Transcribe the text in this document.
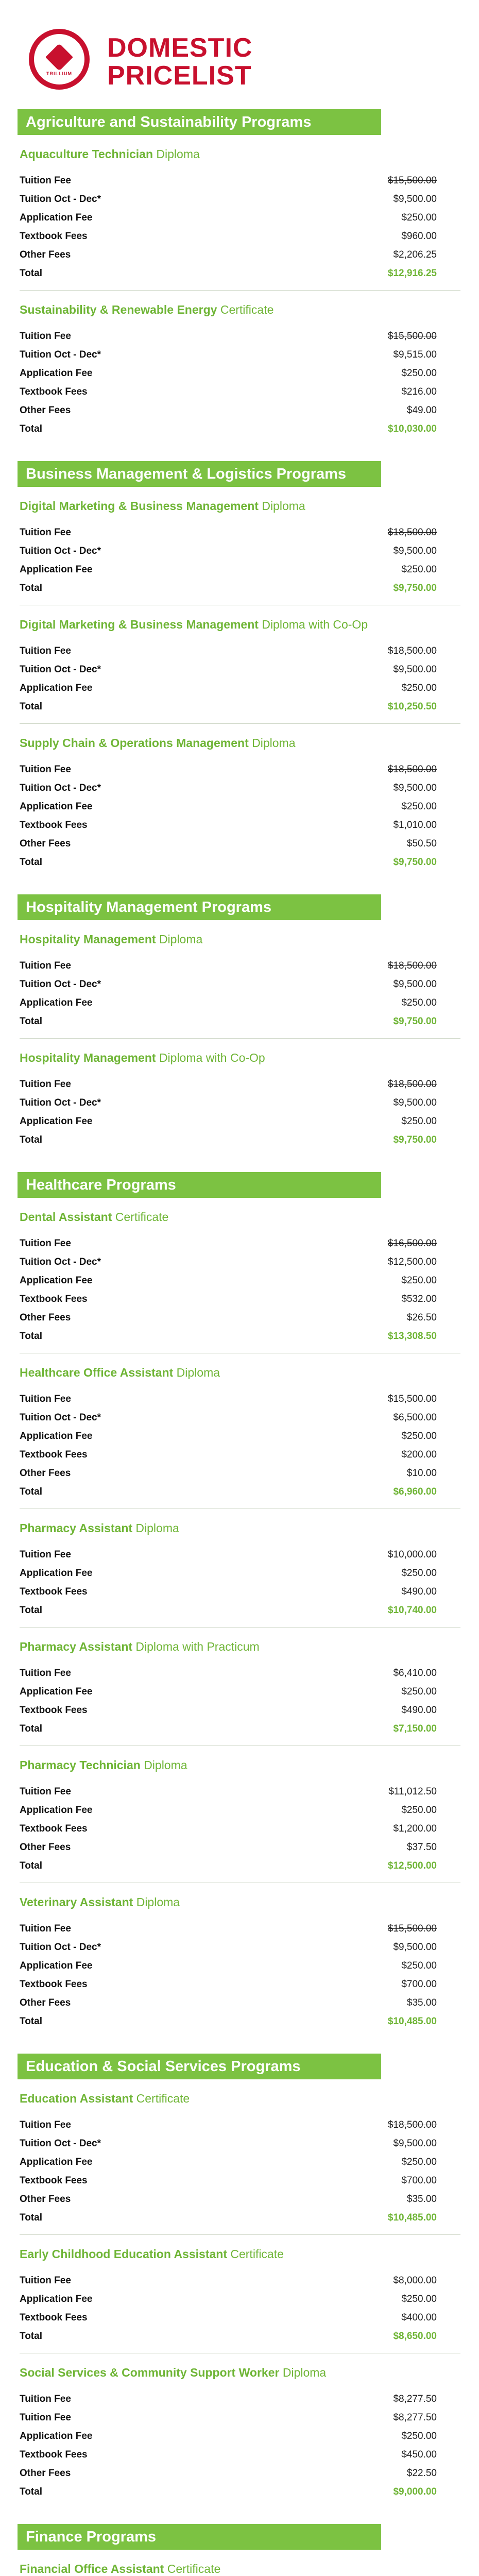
TRILLIUM
DOMESTIC
PRICELIST
Agriculture and Sustainability Programs
Aquaculture Technician Diploma
Tuition Fee	$15,500.00
Tuition Oct - Dec*	$9,500.00
Application Fee	$250.00
Textbook Fees	$960.00
Other Fees	$2,206.25
Total	$12,916.25
Sustainability & Renewable Energy Certificate
Tuition Fee	$15,500.00
Tuition Oct - Dec*	$9,515.00
Application Fee	$250.00
Textbook Fees	$216.00
Other Fees	$49.00
Total	$10,030.00
Business Management & Logistics Programs
Digital Marketing & Business Management Diploma
Tuition Fee	$18,500.00
Tuition Oct - Dec*	$9,500.00
Application Fee	$250.00
Total	$9,750.00
Digital Marketing & Business Management Diploma with Co-Op
Tuition Fee	$18,500.00
Tuition Oct - Dec*	$9,500.00
Application Fee	$250.00
Total	$10,250.50
Supply Chain & Operations Management Diploma
Tuition Fee	$18,500.00
Tuition Oct - Dec*	$9,500.00
Application Fee	$250.00
Textbook Fees	$1,010.00
Other Fees	$50.50
Total	$9,750.00
Hospitality Management Programs
Hospitality Management Diploma
Tuition Fee	$18,500.00
Tuition Oct - Dec*	$9,500.00
Application Fee	$250.00
Total	$9,750.00
Hospitality Management Diploma with Co-Op
Tuition Fee	$18,500.00
Tuition Oct - Dec*	$9,500.00
Application Fee	$250.00
Total	$9,750.00
Healthcare Programs
Dental Assistant Certificate
Tuition Fee	$16,500.00
Tuition Oct - Dec*	$12,500.00
Application Fee	$250.00
Textbook Fees	$532.00
Other Fees	$26.50
Total	$13,308.50
Healthcare Office Assistant Diploma
Tuition Fee	$15,500.00
Tuition Oct - Dec*	$6,500.00
Application Fee	$250.00
Textbook Fees	$200.00
Other Fees	$10.00
Total	$6,960.00
Pharmacy Assistant Diploma
Tuition Fee	$10,000.00
Application Fee	$250.00
Textbook Fees	$490.00
Total	$10,740.00
Pharmacy Assistant Diploma with Practicum
Tuition Fee	$6,410.00
Application Fee	$250.00
Textbook Fees	$490.00
Total	$7,150.00
Pharmacy Technician Diploma
Tuition Fee	$11,012.50
Application Fee	$250.00
Textbook Fees	$1,200.00
Other Fees	$37.50
Total	$12,500.00
Veterinary Assistant Diploma
Tuition Fee	$15,500.00
Tuition Oct - Dec*	$9,500.00
Application Fee	$250.00
Textbook Fees	$700.00
Other Fees	$35.00
Total	$10,485.00
Education & Social Services Programs
Education Assistant Certificate
Tuition Fee	$18,500.00
Tuition Oct - Dec*	$9,500.00
Application Fee	$250.00
Textbook Fees	$700.00
Other Fees	$35.00
Total	$10,485.00
Early Childhood Education Assistant Certificate
Tuition Fee	$8,000.00
Application Fee	$250.00
Textbook Fees	$400.00
Total	$8,650.00
Social Services & Community Support Worker Diploma
Tuition Fee	$8,277.50
Tuition Fee	$8,277.50
Application Fee	$250.00
Textbook Fees	$450.00
Other Fees	$22.50
Total	$9,000.00
Finance Programs
Financial Office Assistant Certificate
